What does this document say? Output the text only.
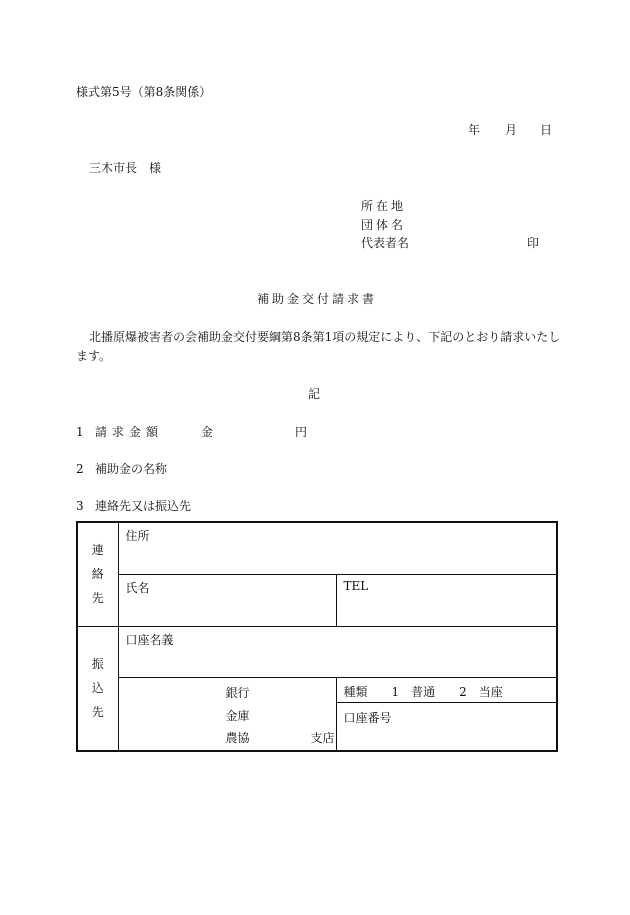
様式第5号（第8条関係）
年 月 日
三木市長　様
所在地
団体名
代表者名	印
補助金交付請求書
北播原爆被害者の会補助金交付要綱第8条第1項の規定により、下記のとおり請求いたし
ます。
記
1 請求金額	金	円
2 補助金の名称
3 連絡先又は振込先
連
絡
先	住所	

	氏名	TEL

振
込
先	口座名義	

	銀行
金庫
農協 支店	種類　　1　普通　　2　当座

		口座番号
